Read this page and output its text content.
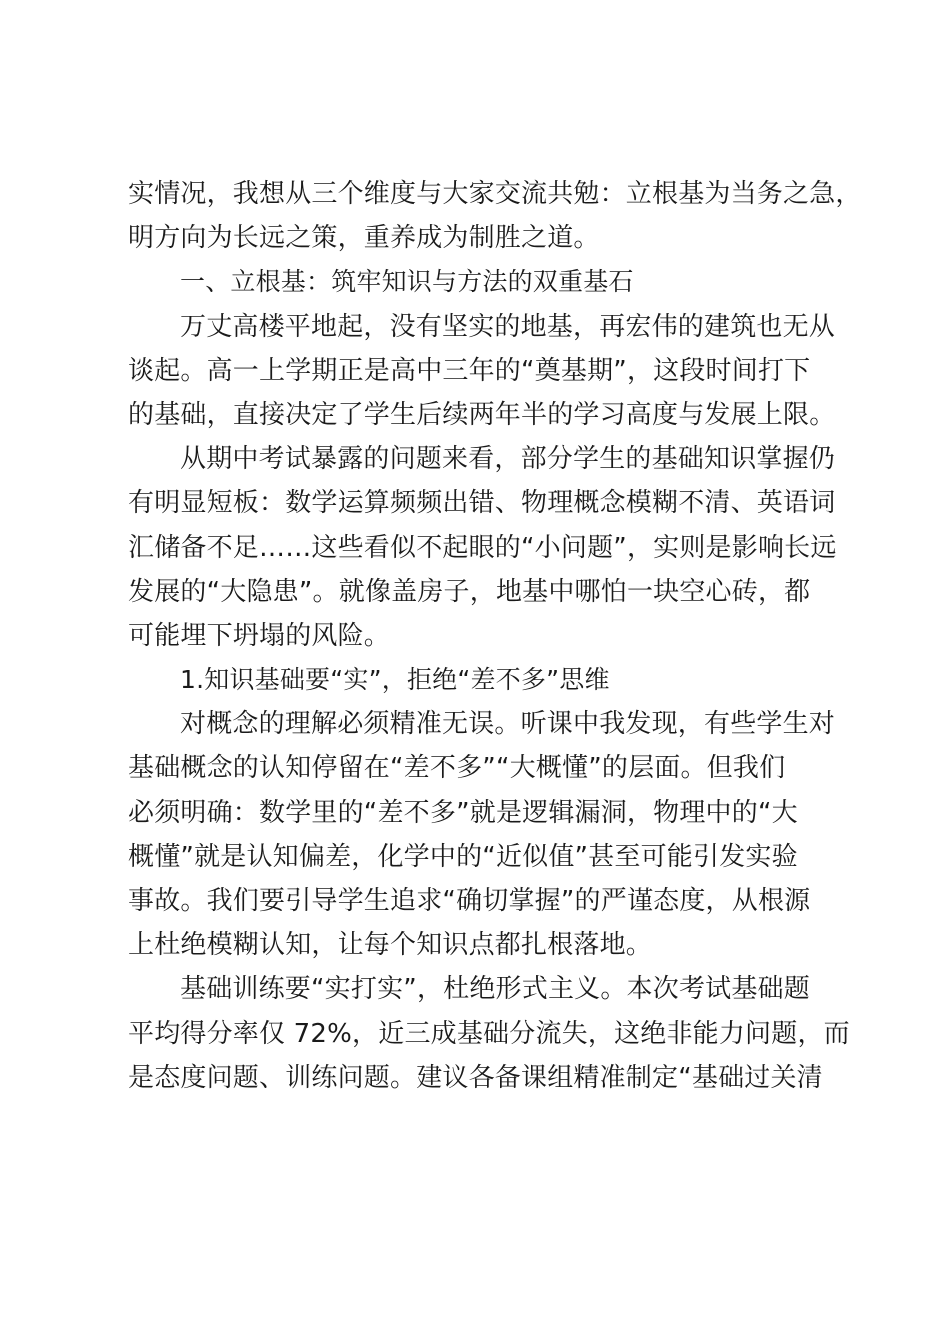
实情况，我想从三个维度与大家交流共勉：立根基为当务之急，
明方向为长远之策，重养成为制胜之道。
一、立根基：筑牢知识与方法的双重基石
万丈高楼平地起，没有坚实的地基，再宏伟的建筑也无从
谈起。高一上学期正是高中三年的“奠基期”，这段时间打下
的基础，直接决定了学生后续两年半的学习高度与发展上限。
从期中考试暴露的问题来看，部分学生的基础知识掌握仍
有明显短板：数学运算频频出错、物理概念模糊不清、英语词
汇储备不足……这些看似不起眼的“小问题”，实则是影响长远
发展的“大隐患”。就像盖房子，地基中哪怕一块空心砖，都
可能埋下坍塌的风险。
1.知识基础要“实”，拒绝“差不多”思维
对概念的理解必须精准无误。听课中我发现，有些学生对
基础概念的认知停留在“差不多”“大概懂”的层面。但我们
必须明确：数学里的“差不多”就是逻辑漏洞，物理中的“大
概懂”就是认知偏差，化学中的“近似值”甚至可能引发实验
事故。我们要引导学生追求“确切掌握”的严谨态度，从根源
上杜绝模糊认知，让每个知识点都扎根落地。
基础训练要“实打实”，杜绝形式主义。本次考试基础题
平均得分率仅 72%，近三成基础分流失，这绝非能力问题，而
是态度问题、训练问题。建议各备课组精准制定“基础过关清
